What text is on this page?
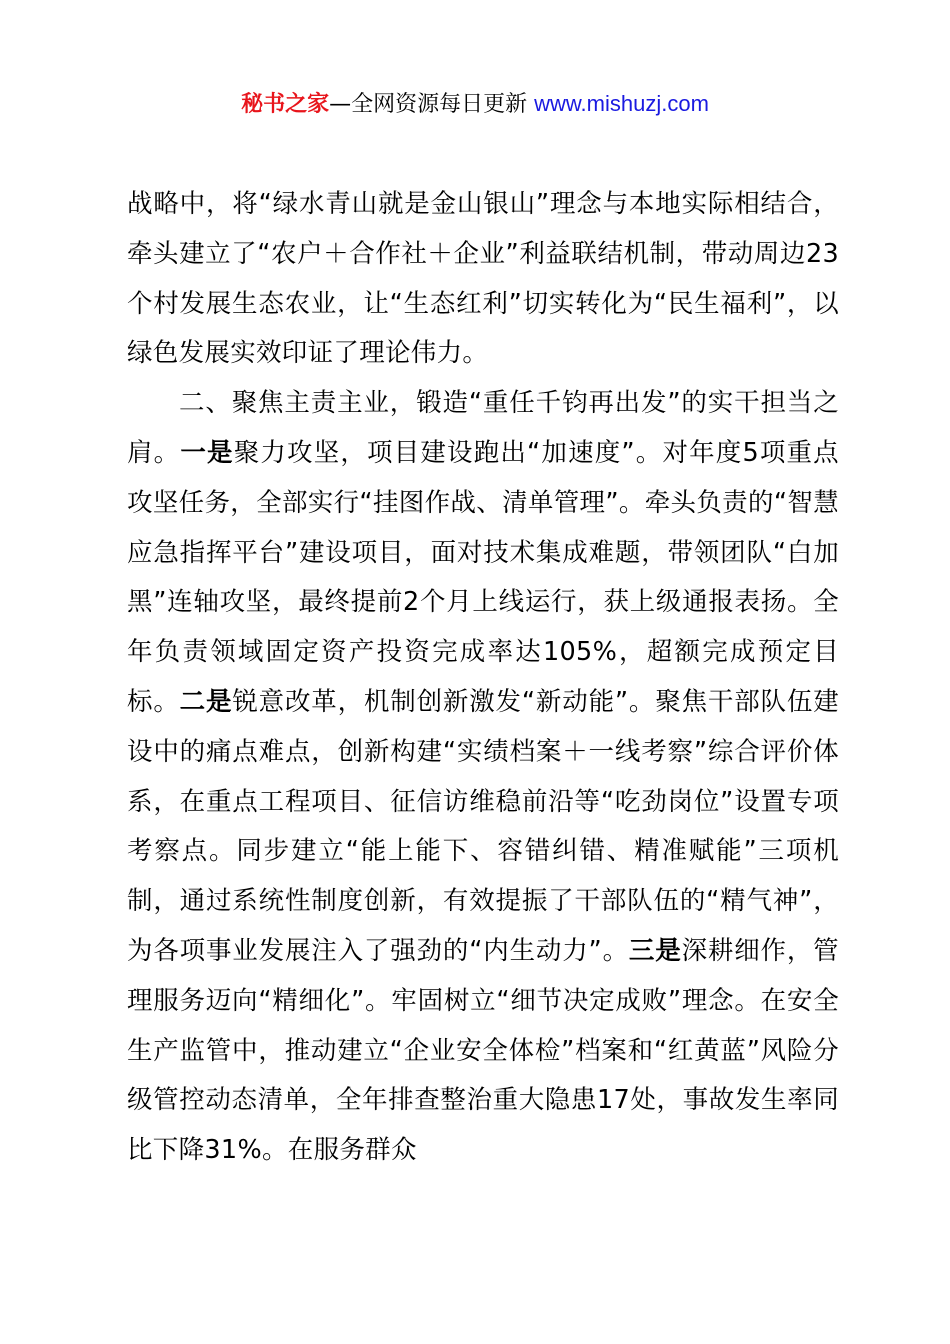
秘书之家—全网资源每日更新 www.mishuzj.com

战略中，将“绿水青山就是金山银山”理念与本地实际相结合，牵头建立了“农户＋合作社＋企业”利益联结机制，带动周边23个村发展生态农业，让“生态红利”切实转化为“民生福利”，以绿色发展实效印证了理论伟力。

二、聚焦主责主业，锻造“重任千钧再出发”的实干担当之肩。一是聚力攻坚，项目建设跑出“加速度”。对年度5项重点攻坚任务，全部实行“挂图作战、清单管理”。牵头负责的“智慧应急指挥平台”建设项目，面对技术集成难题，带领团队“白加黑”连轴攻坚，最终提前2个月上线运行，获上级通报表扬。全年负责领域固定资产投资完成率达105%，超额完成预定目标。二是锐意改革，机制创新激发“新动能”。聚焦干部队伍建设中的痛点难点，创新构建“实绩档案＋一线考察”综合评价体系，在重点工程项目、征信访维稳前沿等“吃劲岗位”设置专项考察点。同步建立“能上能下、容错纠错、精准赋能”三项机制，通过系统性制度创新，有效提振了干部队伍的“精气神”，为各项事业发展注入了强劲的“内生动力”。三是深耕细作，管理服务迈向“精细化”。牢固树立“细节决定成败”理念。在安全生产监管中，推动建立“企业安全体检”档案和“红黄蓝”风险分级管控动态清单，全年排查整治重大隐患17处，事故发生率同比下降31%。在服务群众
